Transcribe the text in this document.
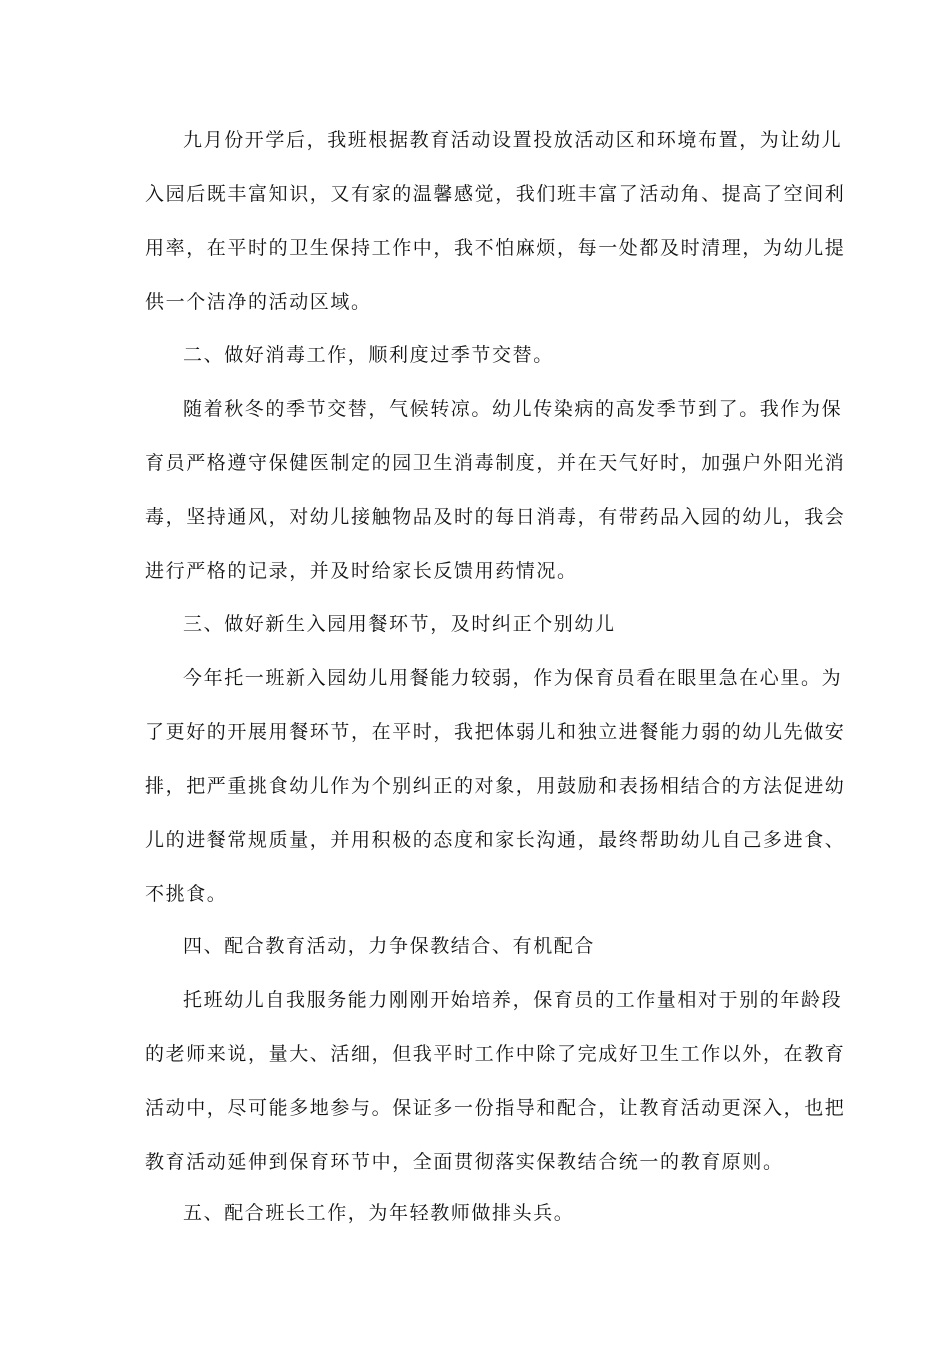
九月份开学后，我班根据教育活动设置投放活动区和环境布置，为让幼儿
入园后既丰富知识，又有家的温馨感觉，我们班丰富了活动角、提高了空间利
用率，在平时的卫生保持工作中，我不怕麻烦，每一处都及时清理，为幼儿提
供一个洁净的活动区域。

二、做好消毒工作，顺利度过季节交替。

随着秋冬的季节交替，气候转凉。幼儿传染病的高发季节到了。我作为保
育员严格遵守保健医制定的园卫生消毒制度，并在天气好时，加强户外阳光消
毒，坚持通风，对幼儿接触物品及时的每日消毒，有带药品入园的幼儿，我会
进行严格的记录，并及时给家长反馈用药情况。

三、做好新生入园用餐环节，及时纠正个别幼儿

今年托一班新入园幼儿用餐能力较弱，作为保育员看在眼里急在心里。为
了更好的开展用餐环节，在平时，我把体弱儿和独立进餐能力弱的幼儿先做安
排，把严重挑食幼儿作为个别纠正的对象，用鼓励和表扬相结合的方法促进幼
儿的进餐常规质量，并用积极的态度和家长沟通，最终帮助幼儿自己多进食、
不挑食。

四、配合教育活动，力争保教结合、有机配合

托班幼儿自我服务能力刚刚开始培养，保育员的工作量相对于别的年龄段
的老师来说，量大、活细，但我平时工作中除了完成好卫生工作以外，在教育
活动中，尽可能多地参与。保证多一份指导和配合，让教育活动更深入，也把
教育活动延伸到保育环节中，全面贯彻落实保教结合统一的教育原则。

五、配合班长工作，为年轻教师做排头兵。
